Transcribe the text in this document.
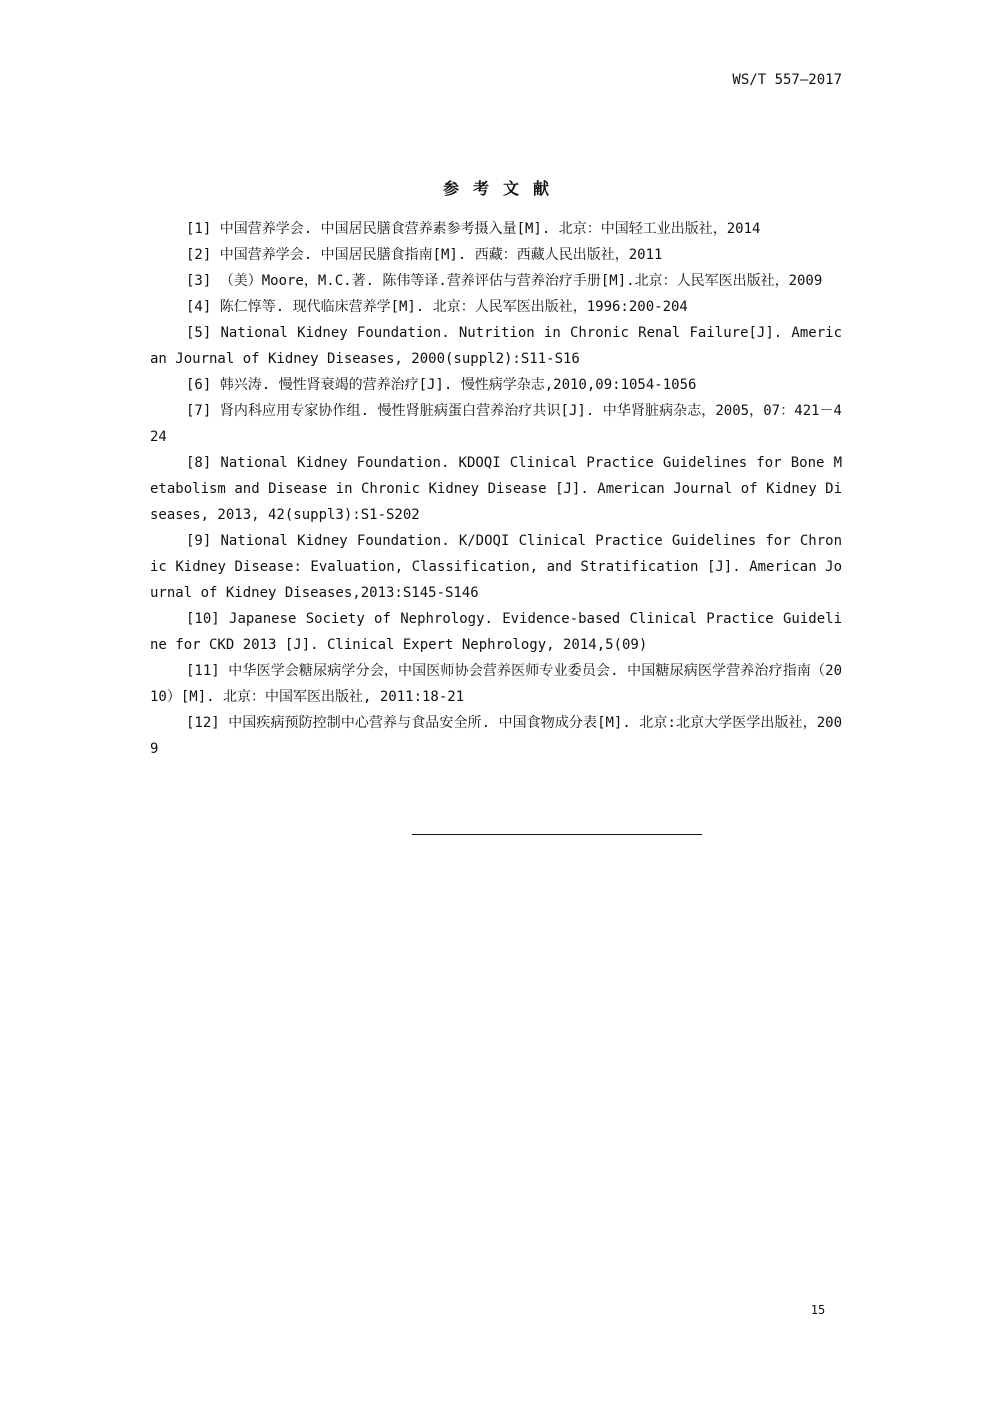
WS/T 557—2017
参考文献

[1] 中国营养学会. 中国居民膳食营养素参考摄入量[M]. 北京：中国轻工业出版社，2014

[2] 中国营养学会. 中国居民膳食指南[M]. 西藏：西藏人民出版社，2011

[3] （美）Moore，M.C.著. 陈伟等译.营养评估与营养治疗手册[M].北京：人民军医出版社，2009

[4] 陈仁惇等. 现代临床营养学[M]. 北京：人民军医出版社，1996:200-204

[5] National Kidney Foundation. Nutrition in Chronic Renal Failure[J]. American Journal of Kidney Diseases, 2000(suppl2):S11-S16

[6] 韩兴涛. 慢性肾衰竭的营养治疗[J]. 慢性病学杂志,2010,09:1054-1056

[7] 肾内科应用专家协作组. 慢性肾脏病蛋白营养治疗共识[J]. 中华肾脏病杂志，2005，07：421－424

[8] National Kidney Foundation. KDOQI Clinical Practice Guidelines for Bone Metabolism and Disease in Chronic Kidney Disease [J]. American Journal of Kidney Diseases, 2013, 42(suppl3):S1-S202

[9] National Kidney Foundation. K/DOQI Clinical Practice Guidelines for Chronic Kidney Disease: Evaluation, Classification, and Stratification [J]. American Journal of Kidney Diseases,2013:S145-S146

[10] Japanese Society of Nephrology. Evidence-based Clinical Practice Guideline for CKD 2013 [J]. Clinical Expert Nephrology, 2014,5(09)

[11] 中华医学会糖尿病学分会，中国医师协会营养医师专业委员会. 中国糖尿病医学营养治疗指南（2010）[M]. 北京：中国军医出版社, 2011:18-21

[12] 中国疾病预防控制中心营养与食品安全所. 中国食物成分表[M]. 北京:北京大学医学出版社，2009

15
